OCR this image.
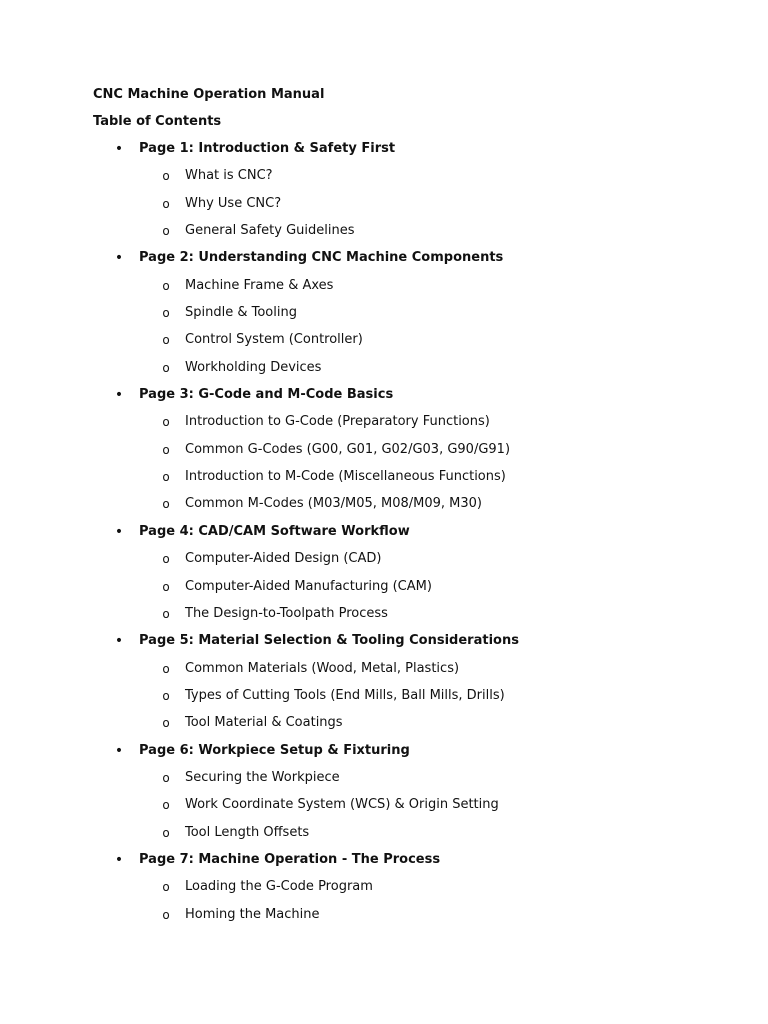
CNC Machine Operation Manual

Table of Contents

• Page 1: Introduction & Safety First
o	What is CNC?
o	Why Use CNC?
o	General Safety Guidelines
• Page 2: Understanding CNC Machine Components
o	Machine Frame & Axes
o	Spindle & Tooling
o	Control System (Controller)
o	Workholding Devices
• Page 3: G-Code and M-Code Basics
o	Introduction to G-Code (Preparatory Functions)
o	Common G-Codes (G00, G01, G02/G03, G90/G91)
o	Introduction to M-Code (Miscellaneous Functions)
o	Common M-Codes (M03/M05, M08/M09, M30)
• Page 4: CAD/CAM Software Workflow
o	Computer-Aided Design (CAD)
o	Computer-Aided Manufacturing (CAM)
o	The Design-to-Toolpath Process
• Page 5: Material Selection & Tooling Considerations
o	Common Materials (Wood, Metal, Plastics)
o	Types of Cutting Tools (End Mills, Ball Mills, Drills)
o	Tool Material & Coatings
• Page 6: Workpiece Setup & Fixturing
o	Securing the Workpiece
o	Work Coordinate System (WCS) & Origin Setting
o	Tool Length Offsets
• Page 7: Machine Operation - The Process
o	Loading the G-Code Program
o	Homing the Machine
